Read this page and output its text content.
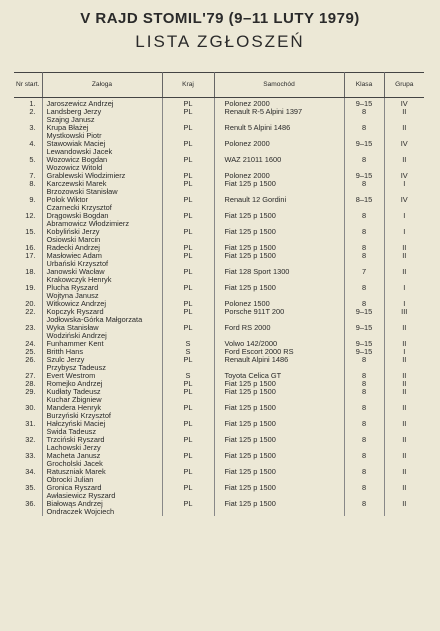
V RAJD STOMIL'79 (9–11 LUTY 1979)
LISTA ZGŁOSZEŃ
Nr start.	Załoga	Kraj	Samochód	Klasa	Grupa
1.	Jaroszewicz Andrzej	PL	Polonez 2000	9–15	IV
2.	Landsberg Jerzy	PL	Renault R-5 Alpini 1397	8	II
	Szajng Janusz				
3.	Krupa Błażej	PL	Renult 5 Alpini 1486	8	II
	Mystkowski Piotr				
4.	Stawowiak Maciej	PL	Polonez 2000	9–15	IV
	Lewandowski Jacek				
5.	Wozowicz Bogdan	PL	WAZ 21011 1600	8	II
	Wozowicz Witold				
7.	Grablewski Włodzimierz	PL	Polonez 2000	9–15	IV
8.	Karczewski Marek	PL	Fiat 125 p 1500	8	I
	Brzozowski Stanisław				
9.	Polok Wiktor	PL	Renault 12 Gordini	8–15	IV
	Czarnecki Krzysztof				
12.	Drągowski Bogdan	PL	Fiat 125 p 1500	8	I
	Abramowicz Włodzimierz				
15.	Kobyliński Jerzy	PL	Fiat 125 p 1500	8	I
	Osiowski Marcin				
16.	Radecki Andrzej	PL	Fiat 125 p 1500	8	II
17.	Masłowiec Adam	PL	Fiat 125 p 1500	8	II
	Urbański Krzysztof				
18.	Janowski Wacław	PL	Fiat 128 Sport 1300	7	II
	Krakowczyk Henryk				
19.	Plucha Ryszard	PL	Fiat 125 p 1500	8	I
	Wojtyna Janusz				
20.	Witkowicz Andrzej	PL	Polonez 1500	8	I
22.	Kopczyk Ryszard	PL	Porsche 911T 200	9–15	III
	Jodłowska-Górka Małgorzata				
23.	Wyka Stanisław	PL	Ford RS 2000	9–15	II
	Wodziński Andrzej				
24.	Funhammer Kent	S	Volwo 142/2000	9–15	II
25.	Britth Hans	S	Ford Escort 2000 RS	9–15	I
26.	Szulc Jerzy	PL	Renault Alpini 1486	8	II
	Przybysz Tadeusz				
27.	Evert Westrom	S	Toyota Celica GT	8	II
28.	Romejko Andrzej	PL	Fiat 125 p 1500	8	II
29.	Kudłaty Tadeusz	PL	Fiat 125 p 1500	8	II
	Kuchar Zbigniew				
30.	Mandera Henryk	PL	Fiat 125 p 1500	8	II
	Burzyński Krzysztof				
31.	Hałczyński Maciej	PL	Fiat 125 p 1500	8	II
	Świda Tadeusz				
32.	Trzciński Ryszard	PL	Fiat 125 p 1500	8	II
	Lachowski Jerzy				
33.	Macheta Janusz	PL	Fiat 125 p 1500	8	II
	Grocholski Jacek				
34.	Ratuszniak Marek	PL	Fiat 125 p 1500	8	II
	Obrocki Julian				
35.	Gronica Ryszard	PL	Fiat 125 p 1500	8	II
	Awłasiewicz Ryszard				
36.	Białowąs Andrzej	PL	Fiat 125 p 1500	8	II
	Ondraczek Wojciech				
